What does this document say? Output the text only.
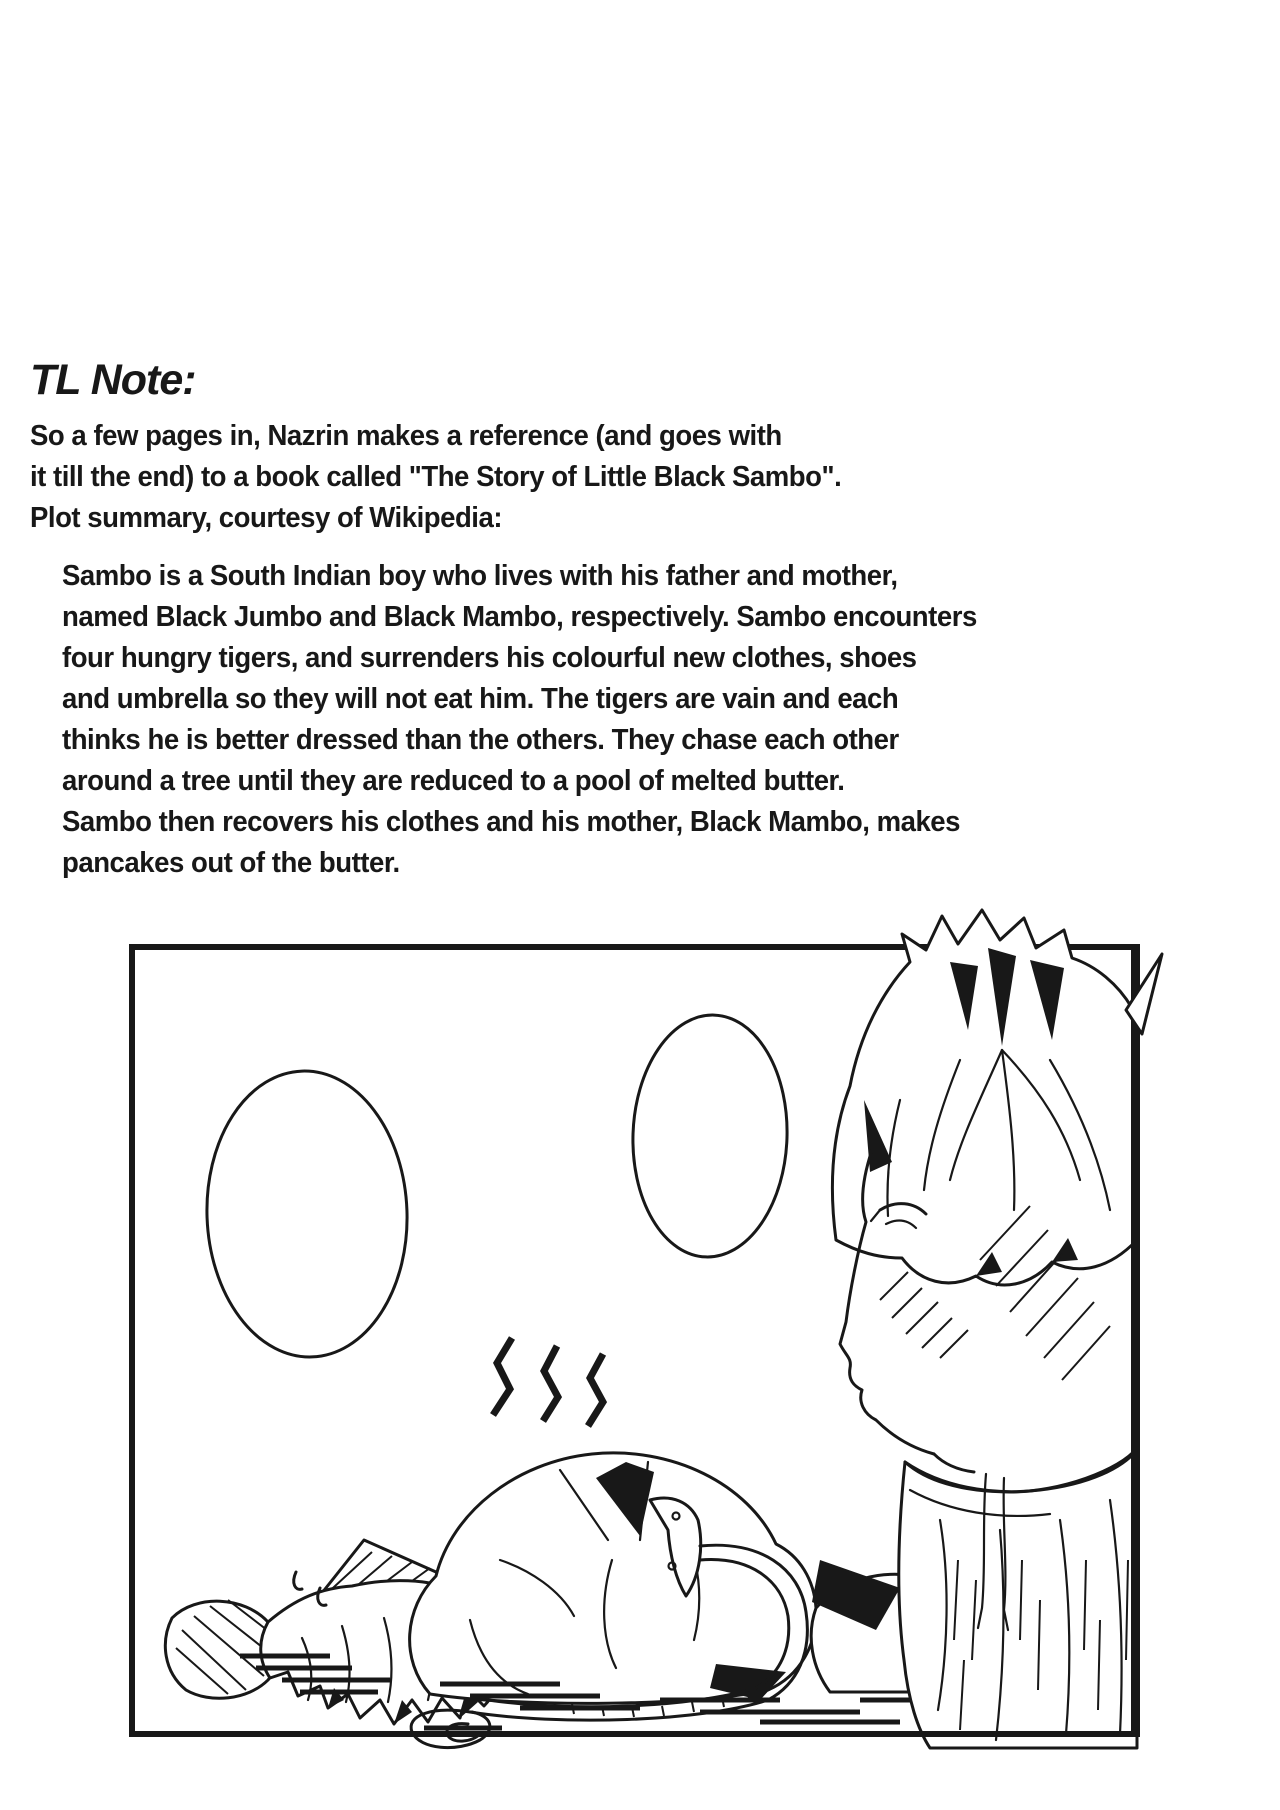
TL Note:
So a few pages in, Nazrin makes a reference (and goes with
it till the end) to a book called "The Story of Little Black Sambo".
Plot summary, courtesy of Wikipedia:
Sambo is a South Indian boy who lives with his father and mother,
named Black Jumbo and Black Mambo, respectively. Sambo encounters
four hungry tigers, and surrenders his colourful new clothes, shoes
and umbrella so they will not eat him. The tigers are vain and each
thinks he is better dressed than the others. They chase each other
around a tree until they are reduced to a pool of melted butter.
Sambo then recovers his clothes and his mother, Black Mambo, makes
pancakes out of the butter.
